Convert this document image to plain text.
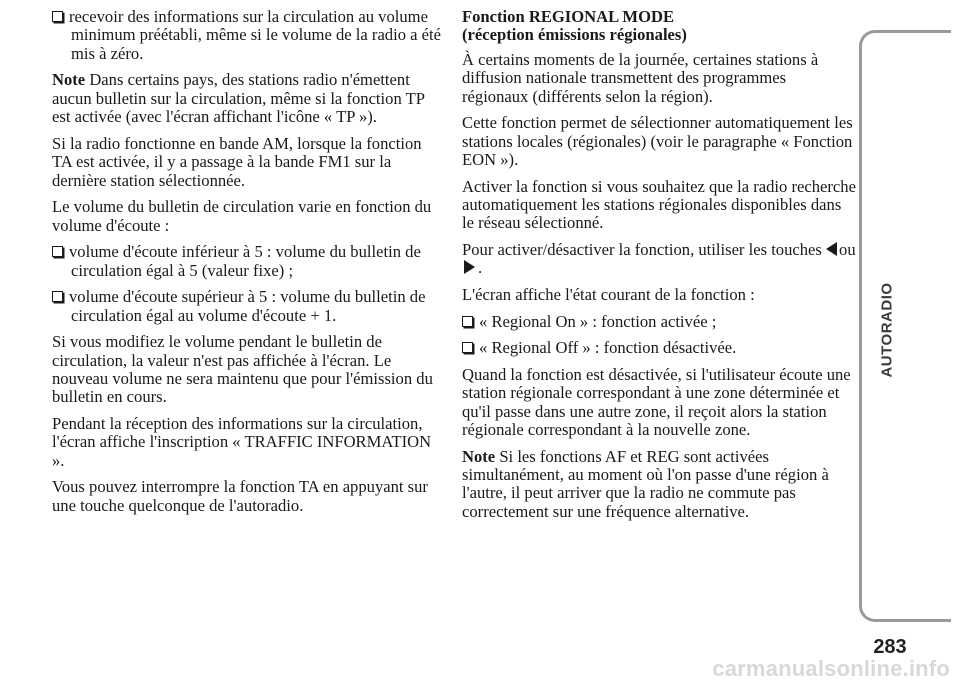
recevoir des informations sur la circulation au volume minimum préétabli, même si le volume de la radio a été mis à zéro.

Note Dans certains pays, des stations radio n'émettent aucun bulletin sur la circulation, même si la fonction TP est activée (avec l'écran affichant l'icône « TP »).

Si la radio fonctionne en bande AM, lorsque la fonction TA est activée, il y a passage à la bande FM1 sur la dernière station sélectionnée.

Le volume du bulletin de circulation varie en fonction du volume d'écoute :

volume d'écoute inférieur à 5 : volume du bulletin de circulation égal à 5 (valeur fixe) ;

volume d'écoute supérieur à 5 : volume du bulletin de circulation égal au volume d'écoute + 1.

Si vous modifiez le volume pendant le bulletin de circulation, la valeur n'est pas affichée à l'écran. Le nouveau volume ne sera maintenu que pour l'émission du bulletin en cours.

Pendant la réception des informations sur la circulation, l'écran affiche l'inscription « TRAFFIC INFORMATION ».

Vous pouvez interrompre la fonction TA en appuyant sur une touche quelconque de l'autoradio.

Fonction REGIONAL MODE
(réception émissions régionales)

À certains moments de la journée, certaines stations à diffusion nationale transmettent des programmes régionaux (différents selon la région).

Cette fonction permet de sélectionner automatiquement les stations locales (régionales) (voir le paragraphe « Fonction EON »).

Activer la fonction si vous souhaitez que la radio recherche automatiquement les stations régionales disponibles dans le réseau sélectionné.

Pour activer/désactiver la fonction, utiliser les touches ou.

L'écran affiche l'état courant de la fonction :

« Regional On » : fonction activée ;

« Regional Off » : fonction désactivée.

Quand la fonction est désactivée, si l'utilisateur écoute une station régionale correspondant à une zone déterminée et qu'il passe dans une autre zone, il reçoit alors la station régionale correspondant à la nouvelle zone.

Note Si les fonctions AF et REG sont activées simultanément, au moment où l'on passe d'une région à l'autre, il peut arriver que la radio ne commute pas correctement sur une fréquence alternative.

AUTORADIO
283
carmanualsonline.info
